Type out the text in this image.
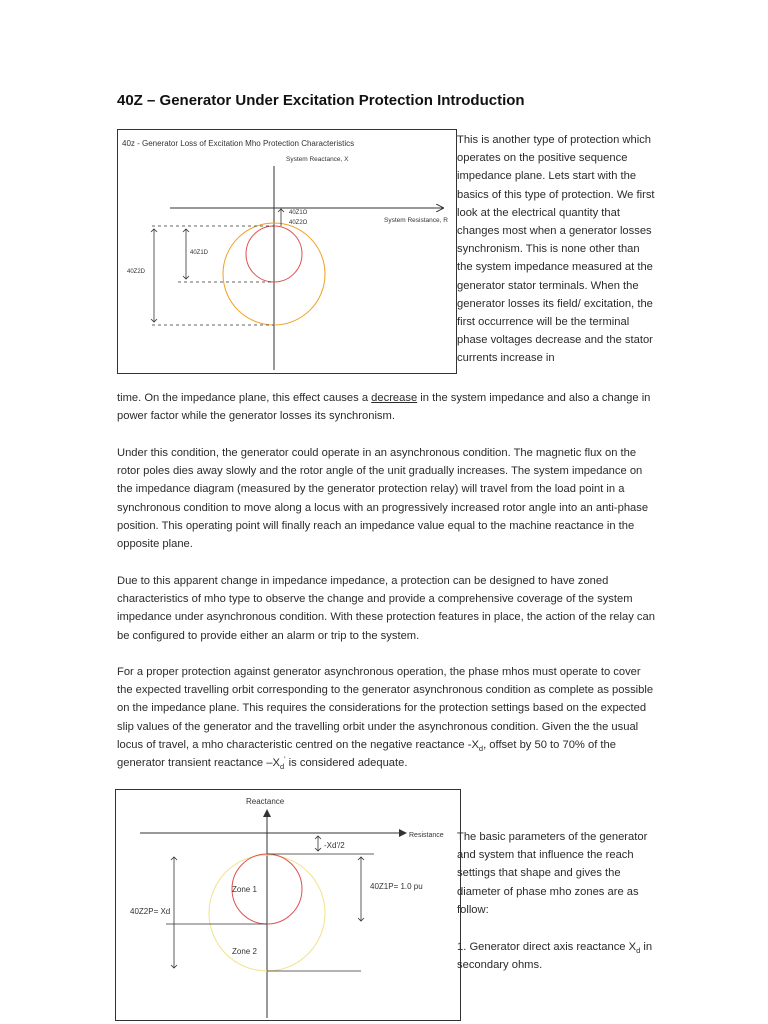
40Z – Generator Under Excitation Protection Introduction
40z - Generator Loss of Excitation Mho Protection Characteristics
System Reactance, X
System Resistance, R
40Z1O
40Z2O
40Z1D
40Z2D

This is another type of protection which operates on the positive sequence impedance plane. Lets start with the basics of this type of protection. We first look at the electrical quantity that changes most when a generator losses synchronism. This is none other than the system impedance measured at the generator stator terminals. When the generator losses its field/ excitation, the first occurrence will be the terminal phase voltages decrease and the stator currents increase in

time. On the impedance plane, this effect causes a decrease in the system impedance and also a change in power factor while the generator losses its synchronism.

Under this condition, the generator could operate in an asynchronous condition. The magnetic flux on the rotor poles dies away slowly and the rotor angle of the unit gradually increases. The system impedance on the impedance diagram (measured by the generator protection relay) will travel from the load point in a synchronous condition to move along a locus with an progressively increased rotor angle into an anti-phase position. This operating point will finally reach an impedance value equal to the machine reactance in the opposite plane.

Due to this apparent change in impedance impedance, a protection can be designed to have zoned characteristics of mho type to observe the change and provide a comprehensive coverage of the system impedance under asynchronous condition. With these protection features in place, the action of the relay can be configured to provide either an alarm or trip to the system.

For a proper protection against generator asynchronous operation, the phase mhos must operate to cover the expected travelling orbit corresponding to the generator asynchronous condition as complete as possible on the impedance plane. This requires the considerations for the protection settings based on the expected slip values of the generator and the travelling orbit under the asynchronous condition. Given the the usual locus of travel, a mho characteristic centred on the negative reactance $-X_d$, offset by 50 to 70% of the generator transient reactance $-X_d'$ is considered adequate.

Reactance
Resistance
-Xd'/2
40Z1P= 1.0 pu
40Z2P= Xd
Zone 1
Zone 2

The basic parameters of the generator and system that influence the reach settings that shape and gives the diameter of phase mho zones are as follow:

1. Generator direct axis reactance $X_d$ in secondary ohms.
